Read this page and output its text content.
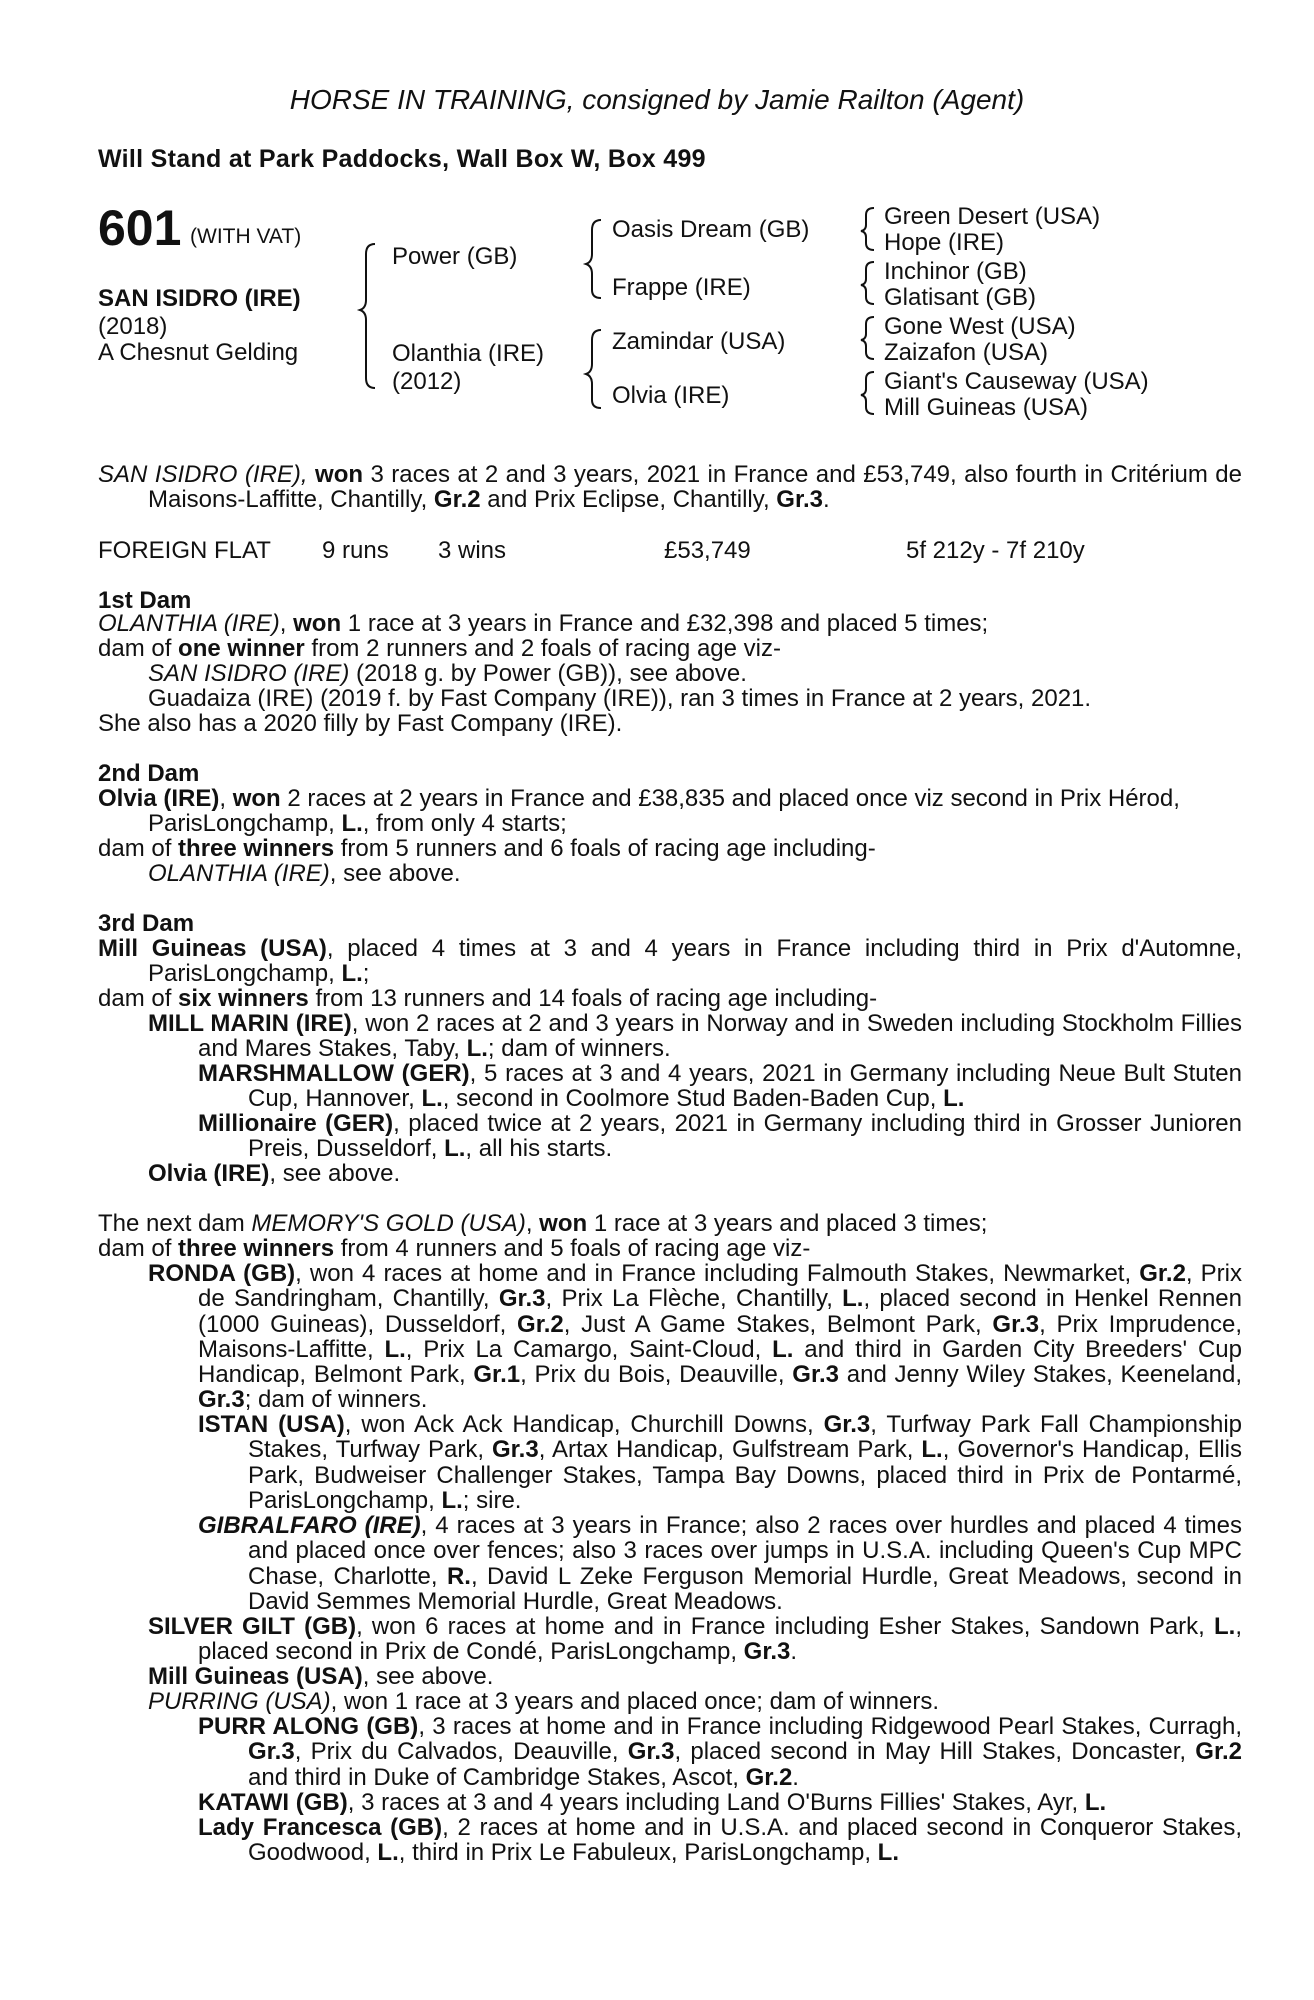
HORSE IN TRAINING, consigned by Jamie Railton (Agent)
Will Stand at Park Paddocks, Wall Box W, Box 499
601 (WITH VAT)
SAN ISIDRO (IRE)
(2018)
A Chesnut Gelding
Power (GB)
Olanthia (IRE)
(2012)
Oasis Dream (GB)
Frappe (IRE)
Zamindar (USA)
Olvia (IRE)
Green Desert (USA)
Hope (IRE)
Inchinor (GB)
Glatisant (GB)
Gone West (USA)
Zaizafon (USA)
Giant's Causeway (USA)
Mill Guineas (USA)
SAN ISIDRO (IRE), won 3 races at 2 and 3 years, 2021 in France and £53,749, also fourth in Critérium de Maisons-Laffitte, Chantilly, Gr.2 and Prix Eclipse, Chantilly, Gr.3.
FOREIGN FLAT 9 runs 3 wins	£53,749	5f 212y - 7f 210y
1st Dam
OLANTHIA (IRE), won 1 race at 3 years in France and £32,398 and placed 5 times;
dam of one winner from 2 runners and 2 foals of racing age viz-
SAN ISIDRO (IRE) (2018 g. by Power (GB)), see above.
Guadaiza (IRE) (2019 f. by Fast Company (IRE)), ran 3 times in France at 2 years, 2021.
She also has a 2020 filly by Fast Company (IRE).
2nd Dam
Olvia (IRE), won 2 races at 2 years in France and £38,835 and placed once viz second in Prix Hérod, ParisLongchamp, L., from only 4 starts;
dam of three winners from 5 runners and 6 foals of racing age including-
OLANTHIA (IRE), see above.
3rd Dam
Mill Guineas (USA), placed 4 times at 3 and 4 years in France including third in Prix d'Automne, ParisLongchamp, L.;
dam of six winners from 13 runners and 14 foals of racing age including-
MILL MARIN (IRE), won 2 races at 2 and 3 years in Norway and in Sweden including Stockholm Fillies and Mares Stakes, Taby, L.; dam of winners.
MARSHMALLOW (GER), 5 races at 3 and 4 years, 2021 in Germany including Neue Bult Stuten Cup, Hannover, L., second in Coolmore Stud Baden-Baden Cup, L.
Millionaire (GER), placed twice at 2 years, 2021 in Germany including third in Grosser Junioren Preis, Dusseldorf, L., all his starts.
Olvia (IRE), see above.
The next dam MEMORY'S GOLD (USA), won 1 race at 3 years and placed 3 times;
dam of three winners from 4 runners and 5 foals of racing age viz-
RONDA (GB), won 4 races at home and in France including Falmouth Stakes, Newmarket, Gr.2, Prix de Sandringham, Chantilly, Gr.3, Prix La Flèche, Chantilly, L., placed second in Henkel Rennen (1000 Guineas), Dusseldorf, Gr.2, Just A Game Stakes, Belmont Park, Gr.3, Prix Imprudence, Maisons-Laffitte, L., Prix La Camargo, Saint-Cloud, L. and third in Garden City Breeders' Cup Handicap, Belmont Park, Gr.1, Prix du Bois, Deauville, Gr.3 and Jenny Wiley Stakes, Keeneland, Gr.3; dam of winners.
ISTAN (USA), won Ack Ack Handicap, Churchill Downs, Gr.3, Turfway Park Fall Championship Stakes, Turfway Park, Gr.3, Artax Handicap, Gulfstream Park, L., Governor's Handicap, Ellis Park, Budweiser Challenger Stakes, Tampa Bay Downs, placed third in Prix de Pontarmé, ParisLongchamp, L.; sire.
GIBRALFARO (IRE), 4 races at 3 years in France; also 2 races over hurdles and placed 4 times and placed once over fences; also 3 races over jumps in U.S.A. including Queen's Cup MPC Chase, Charlotte, R., David L Zeke Ferguson Memorial Hurdle, Great Meadows, second in David Semmes Memorial Hurdle, Great Meadows.
SILVER GILT (GB), won 6 races at home and in France including Esher Stakes, Sandown Park, L., placed second in Prix de Condé, ParisLongchamp, Gr.3.
Mill Guineas (USA), see above.
PURRING (USA), won 1 race at 3 years and placed once; dam of winners.
PURR ALONG (GB), 3 races at home and in France including Ridgewood Pearl Stakes, Curragh, Gr.3, Prix du Calvados, Deauville, Gr.3, placed second in May Hill Stakes, Doncaster, Gr.2 and third in Duke of Cambridge Stakes, Ascot, Gr.2.
KATAWI (GB), 3 races at 3 and 4 years including Land O'Burns Fillies' Stakes, Ayr, L.
Lady Francesca (GB), 2 races at home and in U.S.A. and placed second in Conqueror Stakes, Goodwood, L., third in Prix Le Fabuleux, ParisLongchamp, L.
